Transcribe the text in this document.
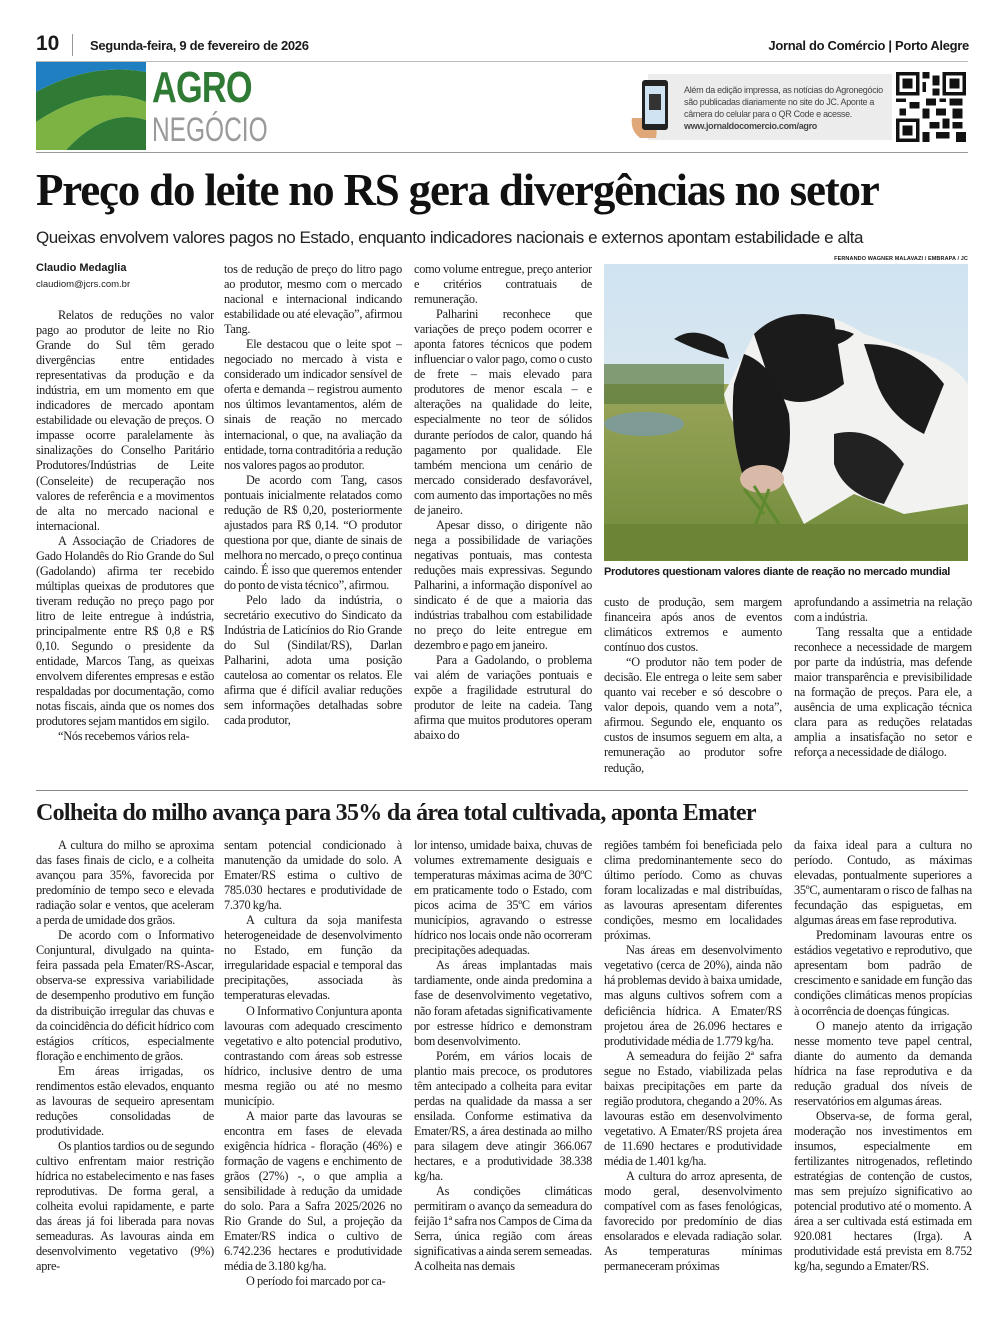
10 Segunda-feira, 9 de fevereiro de 2026	Jornal do Comércio | Porto Alegre
AGRO
NEGÓCIO
Além da edição impressa, as notícias do Agronegócio são publicadas diariamente no site do JC. Aponte a câmera do celular para o QR Code e acesse.
www.jornaldocomercio.com/agro
Preço do leite no RS gera divergências no setor
Queixas envolvem valores pagos no Estado, enquanto indicadores nacionais e externos apontam estabilidade e alta
Claudio Medaglia
claudiom@jcrs.com.br

Relatos de reduções no valor pago ao produtor de leite no Rio Grande do Sul têm gerado divergências entre entidades representativas da produção e da indústria, em um momento em que indicadores de mercado apontam estabilidade ou elevação de preços. O impasse ocorre paralelamente às sinalizações do Conselho Paritário Produtores/Indústrias de Leite (Conseleite) de recuperação nos valores de referência e a movimentos de alta no mercado nacional e internacional.

A Associação de Criadores de Gado Holandês do Rio Grande do Sul (Gadolando) afirma ter recebido múltiplas queixas de produtores que tiveram redução no preço pago por litro de leite entregue à indústria, principalmente entre R$ 0,8 e R$ 0,10. Segundo o presidente da entidade, Marcos Tang, as queixas envolvem diferentes empresas e estão respaldadas por documentação, como notas fiscais, ainda que os nomes dos produtores sejam mantidos em sigilo.

“Nós recebemos vários rela-

tos de redução de preço do litro pago ao produtor, mesmo com o mercado nacional e internacional indicando estabilidade ou até elevação”, afirmou Tang.

Ele destacou que o leite spot – negociado no mercado à vista e considerado um indicador sensível de oferta e demanda – registrou aumento nos últimos levantamentos, além de sinais de reação no mercado internacional, o que, na avaliação da entidade, torna contraditória a redução nos valores pagos ao produtor.

De acordo com Tang, casos pontuais inicialmente relatados como redução de R$ 0,20, posteriormente ajustados para R$ 0,14. “O produtor questiona por que, diante de sinais de melhora no mercado, o preço continua caindo. É isso que queremos entender do ponto de vista técnico”, afirmou.

Pelo lado da indústria, o secretário executivo do Sindicato da Indústria de Laticínios do Rio Grande do Sul (Sindilat/RS), Darlan Palharini, adota uma posição cautelosa ao comentar os relatos. Ele afirma que é difícil avaliar reduções sem informações detalhadas sobre cada produtor,

como volume entregue, preço anterior e critérios contratuais de remuneração.

Palharini reconhece que variações de preço podem ocorrer e aponta fatores técnicos que podem influenciar o valor pago, como o custo de frete – mais elevado para produtores de menor escala – e alterações na qualidade do leite, especialmente no teor de sólidos durante períodos de calor, quando há pagamento por qualidade. Ele também menciona um cenário de mercado considerado desfavorável, com aumento das importações no mês de janeiro.

Apesar disso, o dirigente não nega a possibilidade de variações negativas pontuais, mas contesta reduções mais expressivas. Segundo Palharini, a informação disponível ao sindicato é de que a maioria das indústrias trabalhou com estabilidade no preço do leite entregue em dezembro e pago em janeiro.

Para a Gadolando, o problema vai além de variações pontuais e expõe a fragilidade estrutural do produtor de leite na cadeia. Tang afirma que muitos produtores operam abaixo do

custo de produção, sem margem financeira após anos de eventos climáticos extremos e aumento contínuo dos custos.

“O produtor não tem poder de decisão. Ele entrega o leite sem saber quanto vai receber e só descobre o valor depois, quando vem a nota”, afirmou. Segundo ele, enquanto os custos de insumos seguem em alta, a remuneração ao produtor sofre redução,

aprofundando a assimetria na relação com a indústria.

Tang ressalta que a entidade reconhece a necessidade de margem por parte da indústria, mas defende maior transparência e previsibilidade na formação de preços. Para ele, a ausência de uma explicação técnica clara para as reduções relatadas amplia a insatisfação no setor e reforça a necessidade de diálogo.

FERNANDO WAGNER MALAVAZI / EMBRAPA / JC
Produtores questionam valores diante de reação no mercado mundial
Colheita do milho avança para 35% da área total cultivada, aponta Emater

A cultura do milho se aproxima das fases finais de ciclo, e a colheita avançou para 35%, favorecida por predomínio de tempo seco e elevada radiação solar e ventos, que aceleram a perda de umidade dos grãos.

De acordo com o Informativo Conjuntural, divulgado na quinta-feira passada pela Emater/RS-Ascar, observa-se expressiva variabilidade de desempenho produtivo em função da distribuição irregular das chuvas e da coincidência do déficit hídrico com estágios críticos, especialmente floração e enchimento de grãos.

Em áreas irrigadas, os rendimentos estão elevados, enquanto as lavouras de sequeiro apresentam reduções consolidadas de produtividade.

Os plantios tardios ou de segundo cultivo enfrentam maior restrição hídrica no estabelecimento e nas fases reprodutivas. De forma geral, a colheita evolui rapidamente, e parte das áreas já foi liberada para novas semeaduras. As lavouras ainda em desenvolvimento vegetativo (9%) apre-

sentam potencial condicionado à manutenção da umidade do solo. A Emater/RS estima o cultivo de 785.030 hectares e produtividade de 7.370 kg/ha.

A cultura da soja manifesta heterogeneidade de desenvolvimento no Estado, em função da irregularidade espacial e temporal das precipitações, associada às temperaturas elevadas.

O Informativo Conjuntura aponta lavouras com adequado crescimento vegetativo e alto potencial produtivo, contrastando com áreas sob estresse hídrico, inclusive dentro de uma mesma região ou até no mesmo município.

A maior parte das lavouras se encontra em fases de elevada exigência hídrica - floração (46%) e formação de vagens e enchimento de grãos (27%) -, o que amplia a sensibilidade à redução da umidade do solo. Para a Safra 2025/2026 no Rio Grande do Sul, a projeção da Emater/RS indica o cultivo de 6.742.236 hectares e produtividade média de 3.180 kg/ha.

O período foi marcado por ca-

lor intenso, umidade baixa, chuvas de volumes extremamente desiguais e temperaturas máximas acima de 30ºC em praticamente todo o Estado, com picos acima de 35ºC em vários municípios, agravando o estresse hídrico nos locais onde não ocorreram precipitações adequadas.

As áreas implantadas mais tardiamente, onde ainda predomina a fase de desenvolvimento vegetativo, não foram afetadas significativamente por estresse hídrico e demonstram bom desenvolvimento.

Porém, em vários locais de plantio mais precoce, os produtores têm antecipado a colheita para evitar perdas na qualidade da massa a ser ensilada. Conforme estimativa da Emater/RS, a área destinada ao milho para silagem deve atingir 366.067 hectares, e a produtividade 38.338 kg/ha.

As condições climáticas permitiram o avanço da semeadura do feijão 1ª safra nos Campos de Cima da Serra, única região com áreas significativas a ainda serem semeadas. A colheita nas demais

regiões também foi beneficiada pelo clima predominantemente seco do último período. Como as chuvas foram localizadas e mal distribuídas, as lavouras apresentam diferentes condições, mesmo em localidades próximas.

Nas áreas em desenvolvimento vegetativo (cerca de 20%), ainda não há problemas devido à baixa umidade, mas alguns cultivos sofrem com a deficiência hídrica. A Emater/RS projetou área de 26.096 hectares e produtividade média de 1.779 kg/ha.

A semeadura do feijão 2ª safra segue no Estado, viabilizada pelas baixas precipitações em parte da região produtora, chegando a 20%. As lavouras estão em desenvolvimento vegetativo. A Emater/RS projeta área de 11.690 hectares e produtividade média de 1.401 kg/ha.

A cultura do arroz apresenta, de modo geral, desenvolvimento compatível com as fases fenológicas, favorecido por predomínio de dias ensolarados e elevada radiação solar. As temperaturas mínimas permaneceram próximas

da faixa ideal para a cultura no período. Contudo, as máximas elevadas, pontualmente superiores a 35ºC, aumentaram o risco de falhas na fecundação das espiguetas, em algumas áreas em fase reprodutiva.

Predominam lavouras entre os estádios vegetativo e reprodutivo, que apresentam bom padrão de crescimento e sanidade em função das condições climáticas menos propícias à ocorrência de doenças fúngicas.

O manejo atento da irrigação nesse momento teve papel central, diante do aumento da demanda hídrica na fase reprodutiva e da redução gradual dos níveis de reservatórios em algumas áreas.

Observa-se, de forma geral, moderação nos investimentos em insumos, especialmente em fertilizantes nitrogenados, refletindo estratégias de contenção de custos, mas sem prejuízo significativo ao potencial produtivo até o momento. A área a ser cultivada está estimada em 920.081 hectares (Irga). A produtividade está prevista em 8.752 kg/ha, segundo a Emater/RS.
